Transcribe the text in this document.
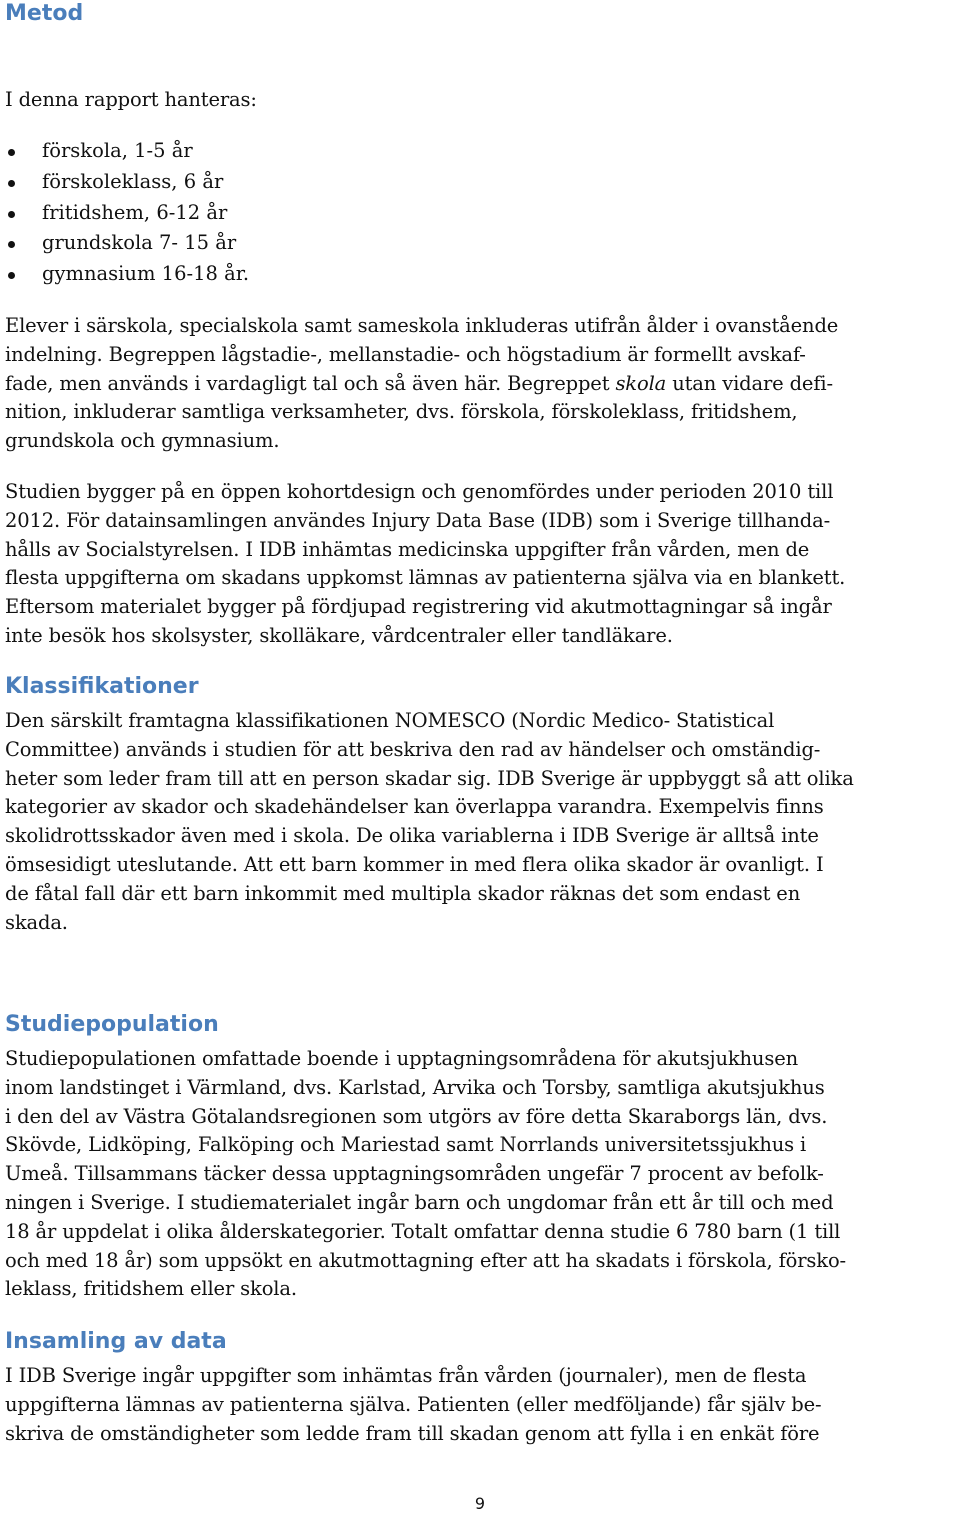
Metod

I denna rapport hanteras:

förskola, 1-5 år
förskoleklass, 6 år
fritidshem, 6-12 år
grundskola 7- 15 år
gymnasium 16-18 år.
Elever i särskola, specialskola samt sameskola inkluderas utifrån ålder i ovanstående
indelning. Begreppen lågstadie-, mellanstadie- och högstadium är formellt avskaf-
fade, men används i vardagligt tal och så även här. Begreppet skola utan vidare defi-
nition, inkluderar samtliga verksamheter, dvs. förskola, förskoleklass, fritidshem,
grundskola och gymnasium.
Studien bygger på en öppen kohortdesign och genomfördes under perioden 2010 till
2012. För datainsamlingen användes Injury Data Base (IDB) som i Sverige tillhanda-
hålls av Socialstyrelsen. I IDB inhämtas medicinska uppgifter från vården, men de
flesta uppgifterna om skadans uppkomst lämnas av patienterna själva via en blankett.
Eftersom materialet bygger på fördjupad registrering vid akutmottagningar så ingår
inte besök hos skolsyster, skolläkare, vårdcentraler eller tandläkare.
Klassifikationer
Den särskilt framtagna klassifikationen NOMESCO (Nordic Medico- Statistical
Committee) används i studien för att beskriva den rad av händelser och omständig-
heter som leder fram till att en person skadar sig. IDB Sverige är uppbyggt så att olika
kategorier av skador och skadehändelser kan överlappa varandra. Exempelvis finns
skolidrottsskador även med i skola. De olika variablerna i IDB Sverige är alltså inte
ömsesidigt uteslutande. Att ett barn kommer in med flera olika skador är ovanligt. I
de fåtal fall där ett barn inkommit med multipla skador räknas det som endast en
skada.
Studiepopulation
Studiepopulationen omfattade boende i upptagningsområdena för akutsjukhusen
inom landstinget i Värmland, dvs. Karlstad, Arvika och Torsby, samtliga akutsjukhus
i den del av Västra Götalandsregionen som utgörs av före detta Skaraborgs län, dvs.
Skövde, Lidköping, Falköping och Mariestad samt Norrlands universitetssjukhus i
Umeå. Tillsammans täcker dessa upptagningsområden ungefär 7 procent av befolk-
ningen i Sverige. I studiematerialet ingår barn och ungdomar från ett år till och med
18 år uppdelat i olika ålderskategorier. Totalt omfattar denna studie 6 780 barn (1 till
och med 18 år) som uppsökt en akutmottagning efter att ha skadats i förskola, försko-
leklass, fritidshem eller skola.
Insamling av data
I IDB Sverige ingår uppgifter som inhämtas från vården (journaler), men de flesta
uppgifterna lämnas av patienterna själva. Patienten (eller medföljande) får själv be-
skriva de omständigheter som ledde fram till skadan genom att fylla i en enkät före
9
